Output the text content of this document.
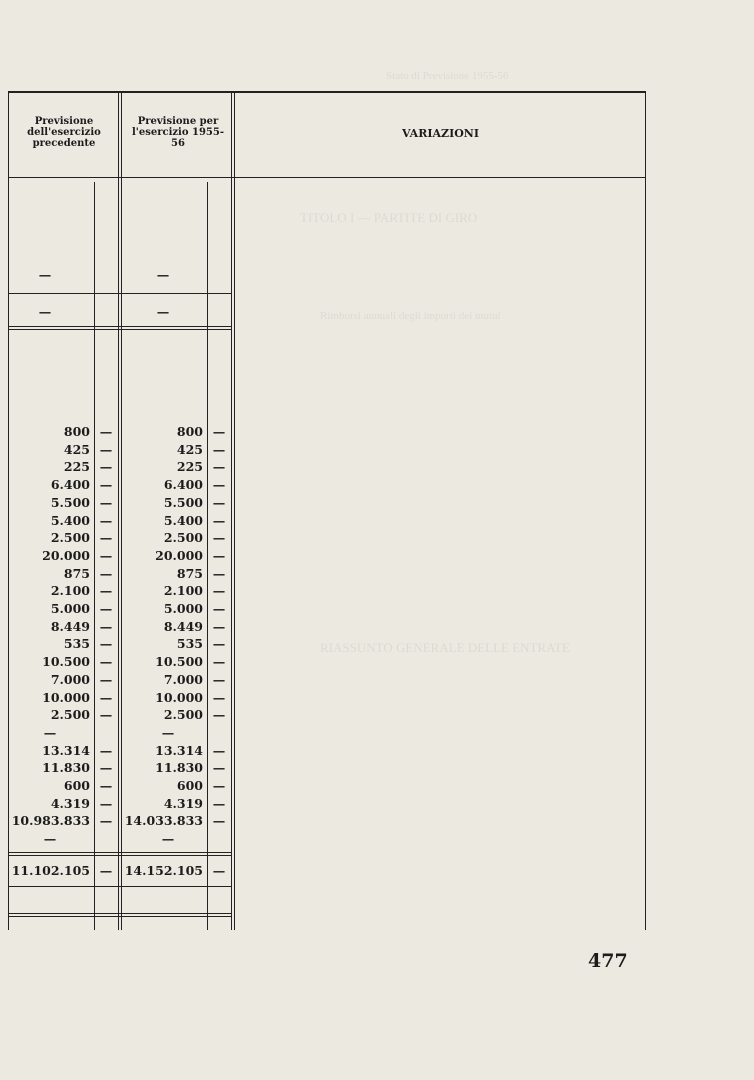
Stato di Previsione 1955-56
TITOLO I — PARTITE DI GIRO
Rimborsi annuali degli importi dei mutui
RIASSUNTO GENERALE DELLE ENTRATE
Previsione dell'esercizio precedente
Previsione per l'esercizio 1955-56
VARIAZIONI
—	—
—	—
800 —	800 —
425 —	425 —
225 —	225 —
6.400 —	6.400 —
5.500 —	5.500 —
5.400 —	5.400 —
2.500 —	2.500 —
20.000 —	20.000 —
875 —	875 —
2.100 —	2.100 —
5.000 —	5.000 —
8.449 —	8.449 —
535 —	535 —
10.500 —	10.500 —
7.000 —	7.000 —
10.000 —	10.000 —
2.500 —	2.500 —
—	—
13.314 —	13.314 —
11.830 —	11.830 —
600 —	600 —
4.319 —	4.319 —
10.983.833 — 14.033.833 —
—	—
11.102.105 — 14.152.105 —
477
